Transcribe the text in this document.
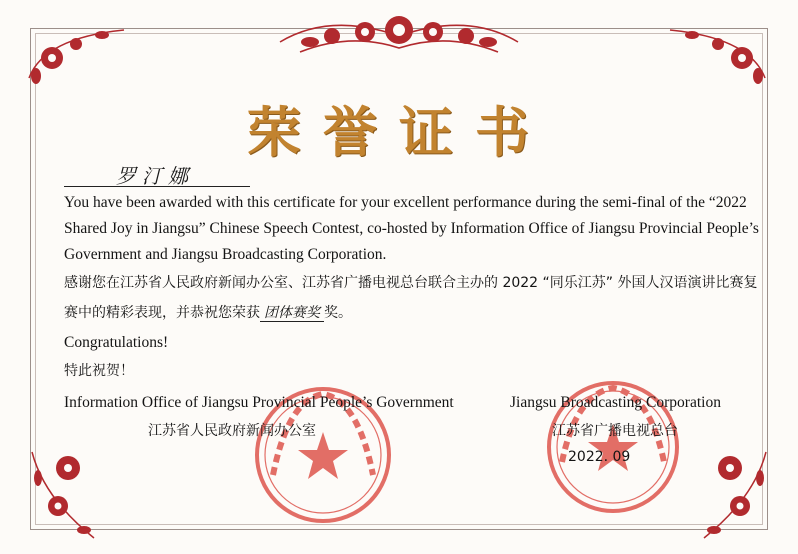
荣誉证书
罗汀娜
You have been awarded with this certificate for your excellent performance during the semi-final of the “2022
Shared Joy in Jiangsu” Chinese Speech Contest, co-hosted by Information Office of Jiangsu Provincial People’s
Government and Jiangsu Broadcasting Corporation.
感谢您在江苏省人民政府新闻办公室、江苏省广播电视总台联合主办的 2022 “同乐江苏” 外国人汉语演讲比赛复
赛中的精彩表现，并恭祝您荣获 团体赛奖 奖。
Congratulations!
特此祝贺！
Information Office of Jiangsu Provincial People’s Government
江苏省人民政府新闻办公室
Jiangsu Broadcasting Corporation
江苏省广播电视总台
2022. 09
